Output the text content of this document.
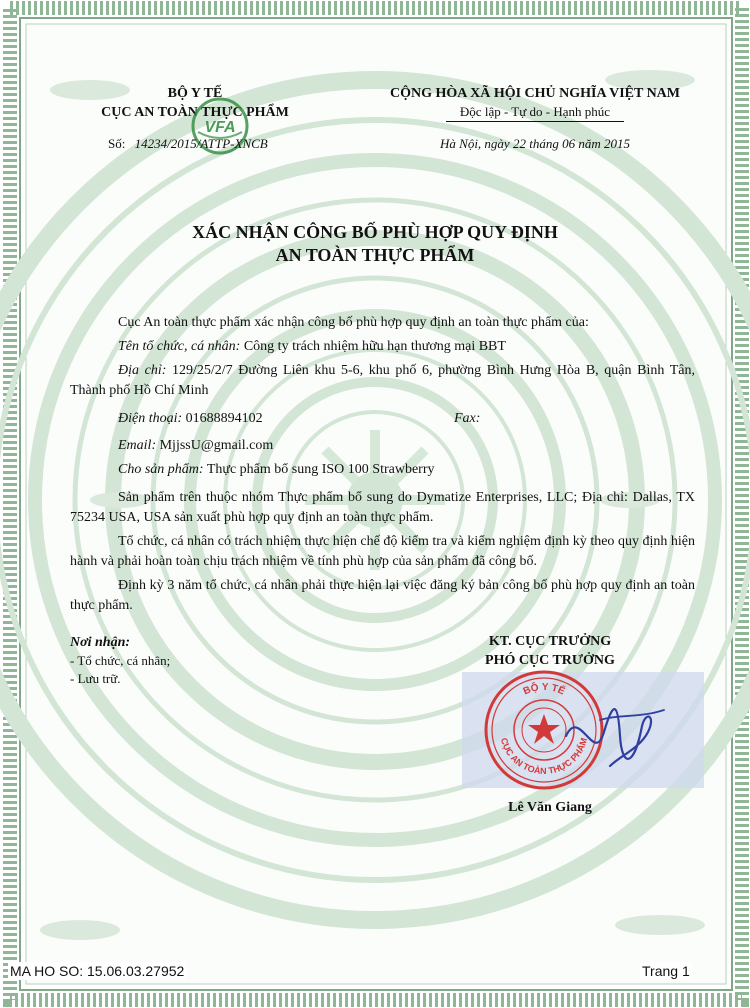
BỘ Y TẾ
CỤC AN TOÀN THỰC PHẨM
VFA
Số: 14234/2015/ATTP-XNCB
CỘNG HÒA XÃ HỘI CHỦ NGHĨA VIỆT NAM
Độc lập - Tự do - Hạnh phúc
Hà Nội, ngày 22 tháng 06 năm 2015
XÁC NHẬN CÔNG BỐ PHÙ HỢP QUY ĐỊNH
AN TOÀN THỰC PHẨM
Cục An toàn thực phẩm xác nhận công bố phù hợp quy định an toàn thực phẩm của:
Tên tổ chức, cá nhân: Công ty trách nhiệm hữu hạn thương mại BBT
Địa chỉ: 129/25/2/7 Đường Liên khu 5-6, khu phố 6, phường Bình Hưng Hòa B, quận Bình Tân, Thành phố Hồ Chí Minh
Điện thoại: 01688894102	Fax:
Email: MjjssU@gmail.com
Cho sản phẩm: Thực phẩm bổ sung ISO 100 Strawberry
Sản phẩm trên thuộc nhóm Thực phẩm bổ sung do Dymatize Enterprises, LLC; Địa chỉ: Dallas, TX 75234 USA, USA sản xuất phù hợp quy định an toàn thực phẩm.
Tổ chức, cá nhân có trách nhiệm thực hiện chế độ kiểm tra và kiểm nghiệm định kỳ theo quy định hiện hành và phải hoàn toàn chịu trách nhiệm về tính phù hợp của sản phẩm đã công bố.
Định kỳ 3 năm tổ chức, cá nhân phải thực hiện lại việc đăng ký bản công bố phù hợp quy định an toàn thực phẩm.
Nơi nhận:
- Tổ chức, cá nhân;
- Lưu trữ.
KT. CỤC TRƯỞNG
PHÓ CỤC TRƯỞNG
BỘ Y TẾ
CỤC AN TOÀN THỰC PHẨM
Lê Văn Giang
MA HO SO: 15.06.03.27952	Trang 1
